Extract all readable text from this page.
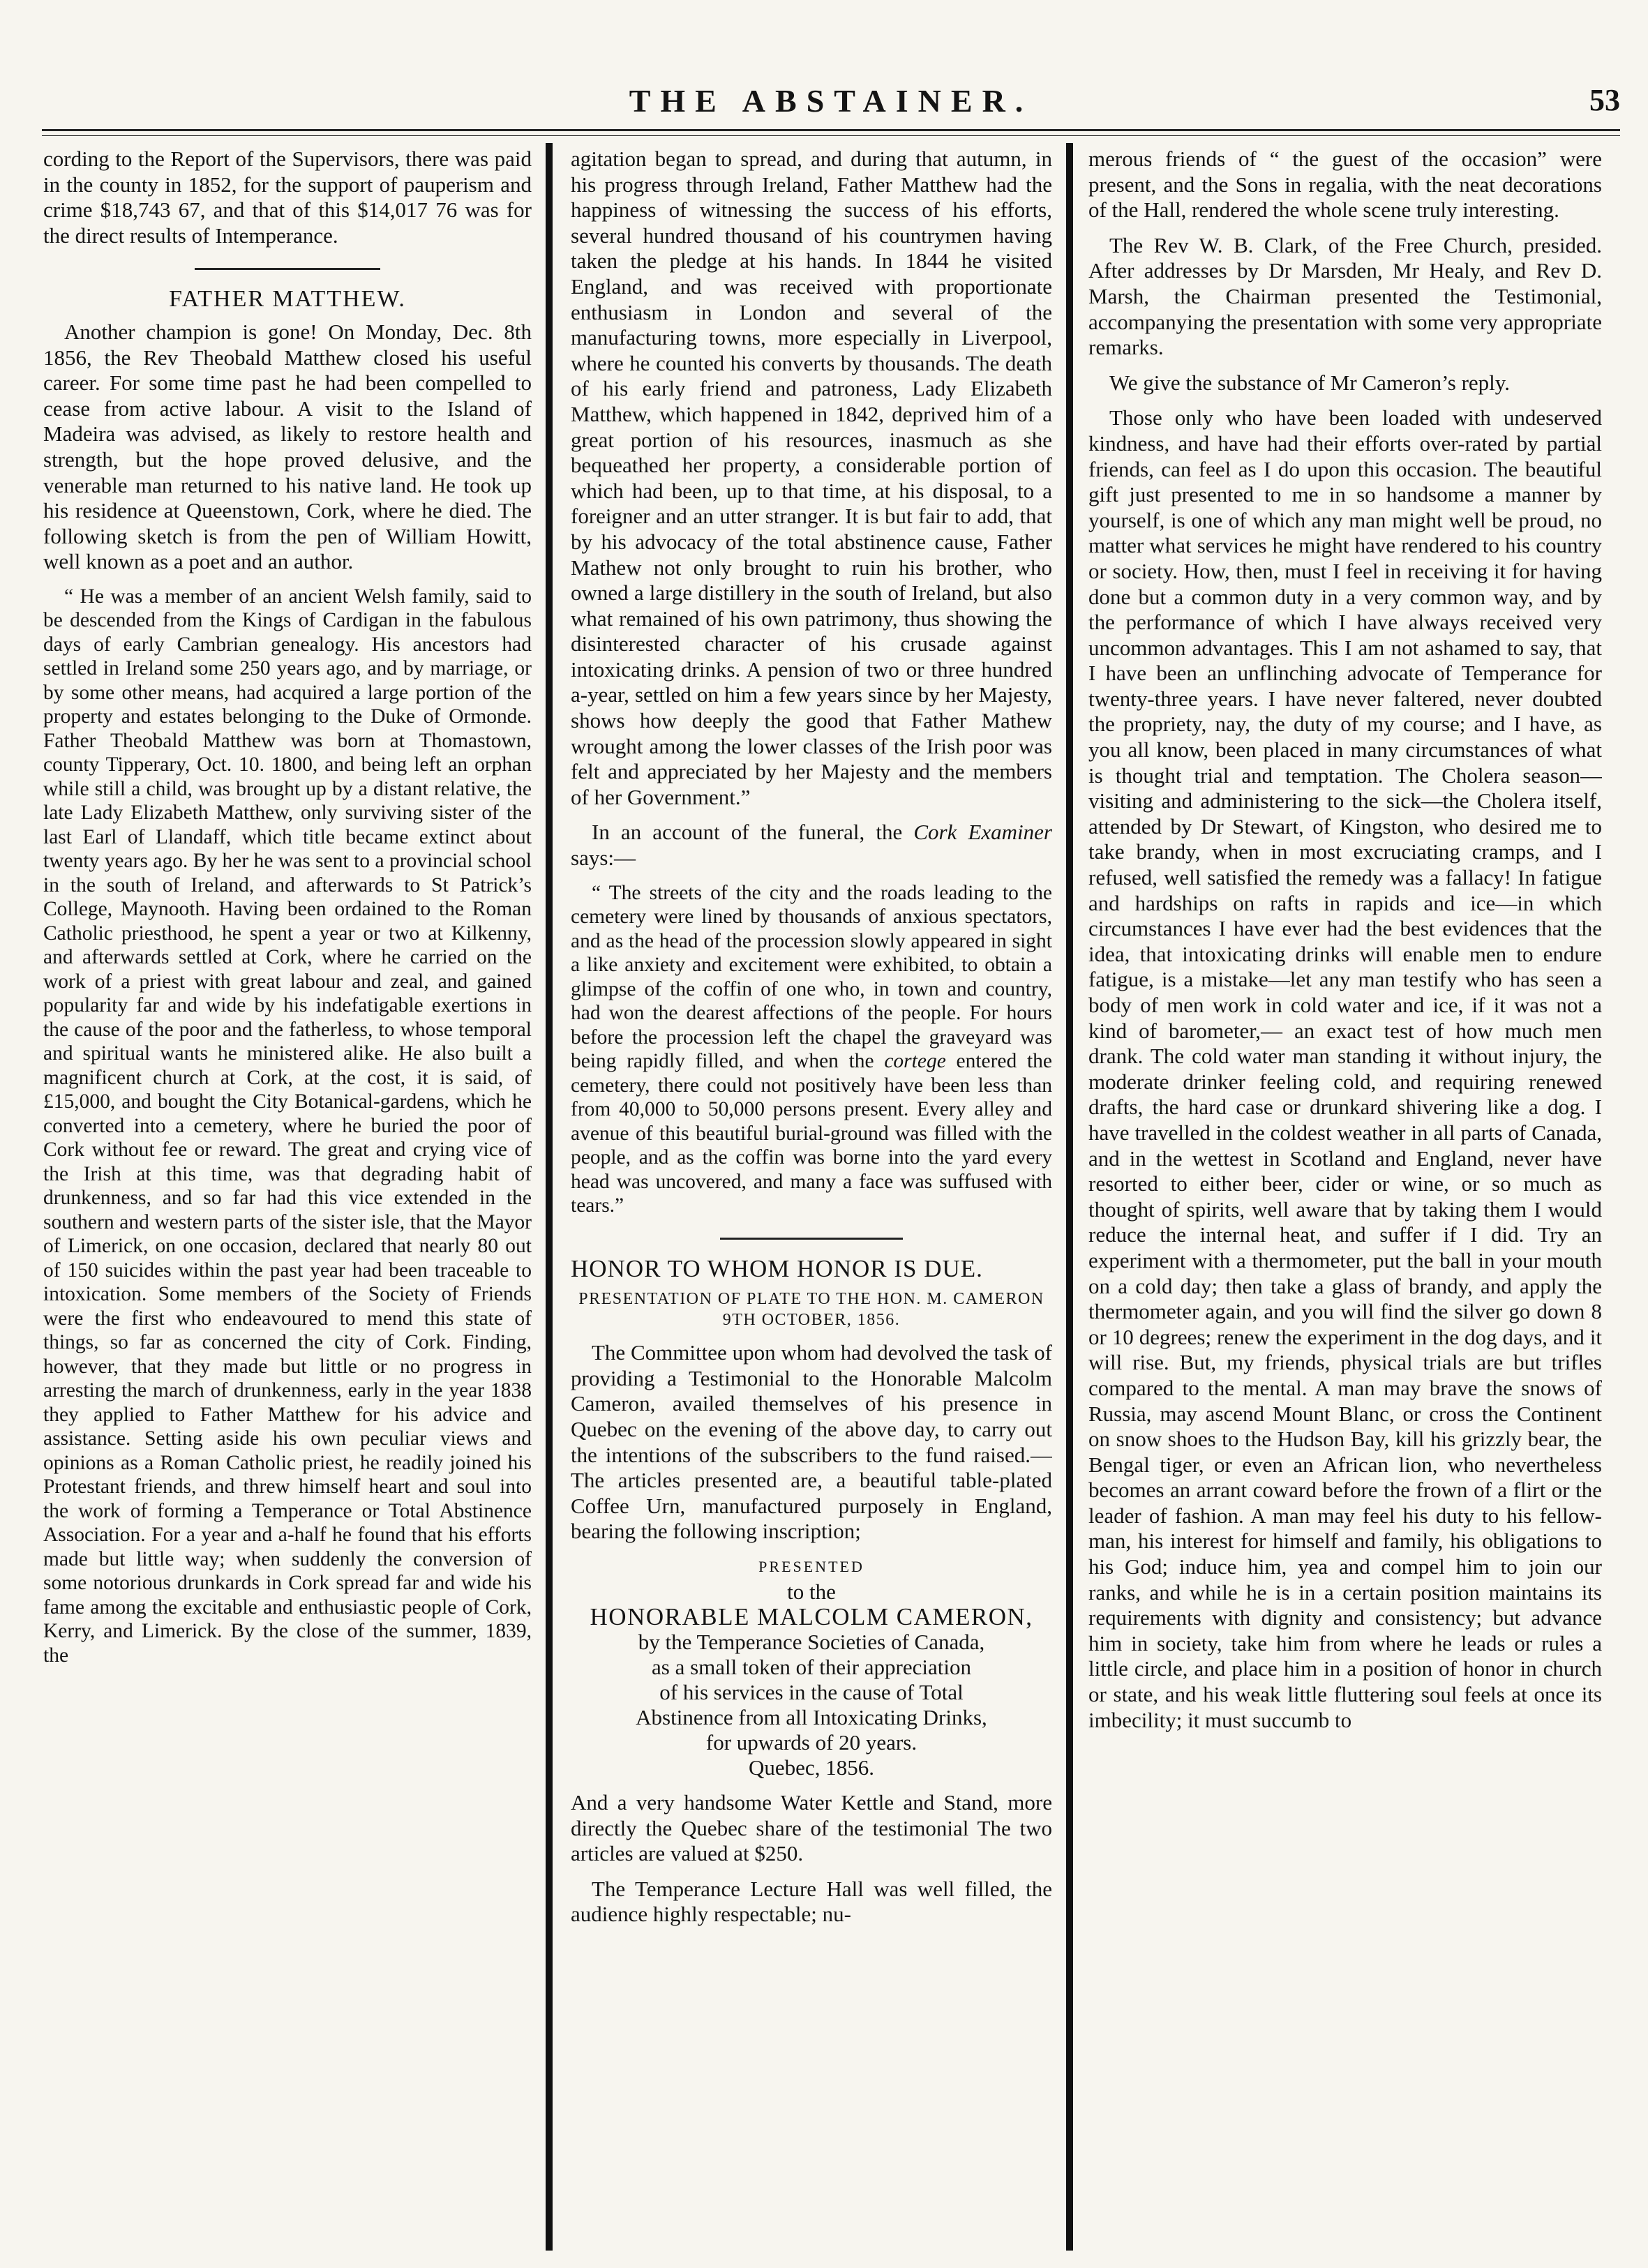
THE ABSTAINER.	53

cording to the Report of the Supervisors, there was paid in the county in 1852, for the support of pauperism and crime $18,743 67, and that of this $14,017 76 was for the direct results of Intemperance.

FATHER MATTHEW.

Another champion is gone! On Monday, Dec. 8th 1856, the Rev Theobald Matthew closed his useful career. For some time past he had been compelled to cease from active labour. A visit to the Island of Madeira was advised, as likely to restore health and strength, but the hope proved delusive, and the venerable man returned to his native land. He took up his residence at Queenstown, Cork, where he died. The following sketch is from the pen of William Howitt, well known as a poet and an author.

“ He was a member of an ancient Welsh family, said to be descended from the Kings of Cardigan in the fabulous days of early Cambrian genealogy. His ancestors had settled in Ireland some 250 years ago, and by marriage, or by some other means, had acquired a large portion of the property and estates belonging to the Duke of Ormonde. Father Theobald Matthew was born at Thomastown, county Tipperary, Oct. 10. 1800, and being left an orphan while still a child, was brought up by a distant relative, the late Lady Elizabeth Matthew, only surviving sister of the last Earl of Llandaff, which title became extinct about twenty years ago. By her he was sent to a provincial school in the south of Ireland, and afterwards to St Patrick’s College, Maynooth. Having been ordained to the Roman Catholic priesthood, he spent a year or two at Kilkenny, and afterwards settled at Cork, where he carried on the work of a priest with great labour and zeal, and gained popularity far and wide by his indefatigable exertions in the cause of the poor and the fatherless, to whose temporal and spiritual wants he ministered alike. He also built a magnificent church at Cork, at the cost, it is said, of £15,000, and bought the City Botanical-gardens, which he converted into a cemetery, where he buried the poor of Cork without fee or reward. The great and crying vice of the Irish at this time, was that degrading habit of drunkenness, and so far had this vice extended in the southern and western parts of the sister isle, that the Mayor of Limerick, on one occasion, declared that nearly 80 out of 150 suicides within the past year had been traceable to intoxication. Some members of the Society of Friends were the first who endeavoured to mend this state of things, so far as concerned the city of Cork. Finding, however, that they made but little or no progress in arresting the march of drunkenness, early in the year 1838 they applied to Father Matthew for his advice and assistance. Setting aside his own peculiar views and opinions as a Roman Catholic priest, he readily joined his Protestant friends, and threw himself heart and soul into the work of forming a Temperance or Total Abstinence Association. For a year and a-half he found that his efforts made but little way; when suddenly the conversion of some notorious drunkards in Cork spread far and wide his fame among the excitable and enthusiastic people of Cork, Kerry, and Limerick. By the close of the summer, 1839, the

agitation began to spread, and during that autumn, in his progress through Ireland, Father Matthew had the happiness of witnessing the success of his efforts, several hundred thousand of his countrymen having taken the pledge at his hands. In 1844 he visited England, and was received with proportionate enthusiasm in London and several of the manufacturing towns, more especially in Liverpool, where he counted his converts by thousands. The death of his early friend and patroness, Lady Elizabeth Matthew, which happened in 1842, deprived him of a great portion of his resources, inasmuch as she bequeathed her property, a considerable portion of which had been, up to that time, at his disposal, to a foreigner and an utter stranger. It is but fair to add, that by his advocacy of the total abstinence cause, Father Mathew not only brought to ruin his brother, who owned a large distillery in the south of Ireland, but also what remained of his own patrimony, thus showing the disinterested character of his crusade against intoxicating drinks. A pension of two or three hundred a-year, settled on him a few years since by her Majesty, shows how deeply the good that Father Mathew wrought among the lower classes of the Irish poor was felt and appreciated by her Majesty and the members of her Government.”

In an account of the funeral, the Cork Examiner says:—

“ The streets of the city and the roads leading to the cemetery were lined by thousands of anxious spectators, and as the head of the procession slowly appeared in sight a like anxiety and excitement were exhibited, to obtain a glimpse of the coffin of one who, in town and country, had won the dearest affections of the people. For hours before the procession left the chapel the graveyard was being rapidly filled, and when the cortege entered the cemetery, there could not positively have been less than from 40,000 to 50,000 persons present. Every alley and avenue of this beautiful burial-ground was filled with the people, and as the coffin was borne into the yard every head was uncovered, and many a face was suffused with tears.”

HONOR TO WHOM HONOR IS DUE.
PRESENTATION OF PLATE TO THE HON. M. CAMERON 9TH OCTOBER, 1856.

The Committee upon whom had devolved the task of providing a Testimonial to the Honorable Malcolm Cameron, availed themselves of his presence in Quebec on the evening of the above day, to carry out the intentions of the subscribers to the fund raised.— The articles presented are, a beautiful table-plated Coffee Urn, manufactured purposely in England, bearing the following inscription;

PRESENTED
to the
HONORABLE MALCOLM CAMERON,
by the Temperance Societies of Canada,
as a small token of their appreciation
of his services in the cause of Total
Abstinence from all Intoxicating Drinks,
for upwards of 20 years.
Quebec, 1856.

And a very handsome Water Kettle and Stand, more directly the Quebec share of the testimonial The two articles are valued at $250.

The Temperance Lecture Hall was well filled, the audience highly respectable; nu-

merous friends of “ the guest of the occasion” were present, and the Sons in regalia, with the neat decorations of the Hall, rendered the whole scene truly interesting.

The Rev W. B. Clark, of the Free Church, presided. After addresses by Dr Marsden, Mr Healy, and Rev D. Marsh, the Chairman presented the Testimonial, accompanying the presentation with some very appropriate remarks.

We give the substance of Mr Cameron’s reply.

Those only who have been loaded with undeserved kindness, and have had their efforts over-rated by partial friends, can feel as I do upon this occasion. The beautiful gift just presented to me in so handsome a manner by yourself, is one of which any man might well be proud, no matter what services he might have rendered to his country or society. How, then, must I feel in receiving it for having done but a common duty in a very common way, and by the performance of which I have always received very uncommon advantages. This I am not ashamed to say, that I have been an unflinching advocate of Temperance for twenty-three years. I have never faltered, never doubted the propriety, nay, the duty of my course; and I have, as you all know, been placed in many circumstances of what is thought trial and temptation. The Cholera season—visiting and administering to the sick—the Cholera itself, attended by Dr Stewart, of Kingston, who desired me to take brandy, when in most excruciating cramps, and I refused, well satisfied the remedy was a fallacy! In fatigue and hardships on rafts in rapids and ice—in which circumstances I have ever had the best evidences that the idea, that intoxicating drinks will enable men to endure fatigue, is a mistake—let any man testify who has seen a body of men work in cold water and ice, if it was not a kind of barometer,— an exact test of how much men drank. The cold water man standing it without injury, the moderate drinker feeling cold, and requiring renewed drafts, the hard case or drunkard shivering like a dog. I have travelled in the coldest weather in all parts of Canada, and in the wettest in Scotland and England, never have resorted to either beer, cider or wine, or so much as thought of spirits, well aware that by taking them I would reduce the internal heat, and suffer if I did. Try an experiment with a thermometer, put the ball in your mouth on a cold day; then take a glass of brandy, and apply the thermometer again, and you will find the silver go down 8 or 10 degrees; renew the experiment in the dog days, and it will rise. But, my friends, physical trials are but trifles compared to the mental. A man may brave the snows of Russia, may ascend Mount Blanc, or cross the Continent on snow shoes to the Hudson Bay, kill his grizzly bear, the Bengal tiger, or even an African lion, who nevertheless becomes an arrant coward before the frown of a flirt or the leader of fashion. A man may feel his duty to his fellow-man, his interest for himself and family, his obligations to his God; induce him, yea and compel him to join our ranks, and while he is in a certain position maintains its requirements with dignity and consistency; but advance him in society, take him from where he leads or rules a little circle, and place him in a position of honor in church or state, and his weak little fluttering soul feels at once its imbecility; it must succumb to
